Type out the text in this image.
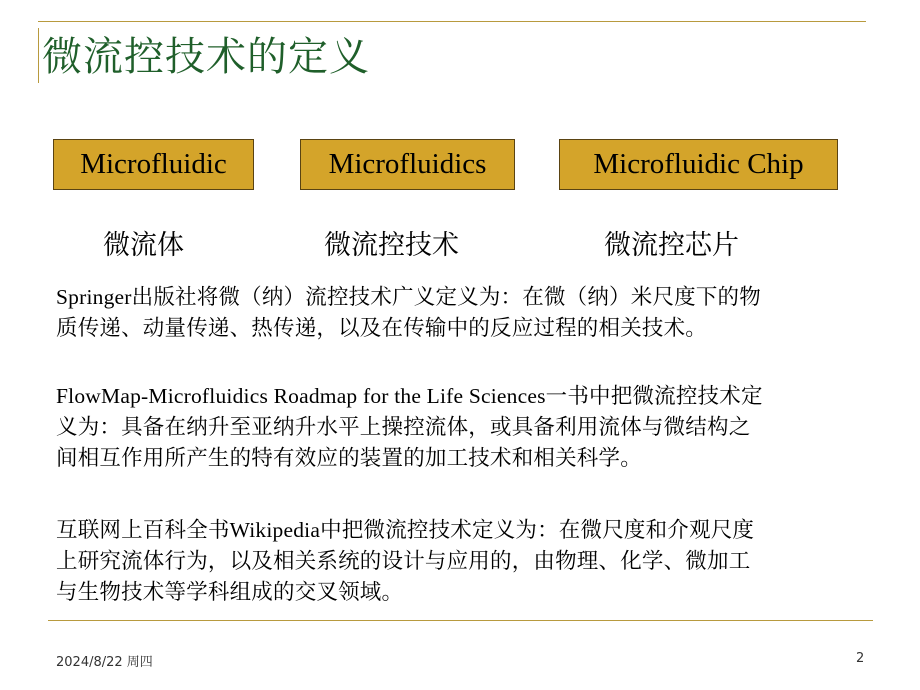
微流控技术的定义
Microfluidic	Microfluidics	Microfluidic Chip
微流体	微流控技术	微流控芯片
Springer出版社将微（纳）流控技术广义定义为：在微（纳）米尺度下的物
质传递、动量传递、热传递，以及在传输中的反应过程的相关技术。
FlowMap-Microfluidics Roadmap for the Life Sciences一书中把微流控技术定
义为：具备在纳升至亚纳升水平上操控流体，或具备利用流体与微结构之
间相互作用所产生的特有效应的装置的加工技术和相关科学。
互联网上百科全书Wikipedia中把微流控技术定义为：在微尺度和介观尺度
上研究流体行为，以及相关系统的设计与应用的，由物理、化学、微加工
与生物技术等学科组成的交叉领域。
2024/8/22 周四	2
